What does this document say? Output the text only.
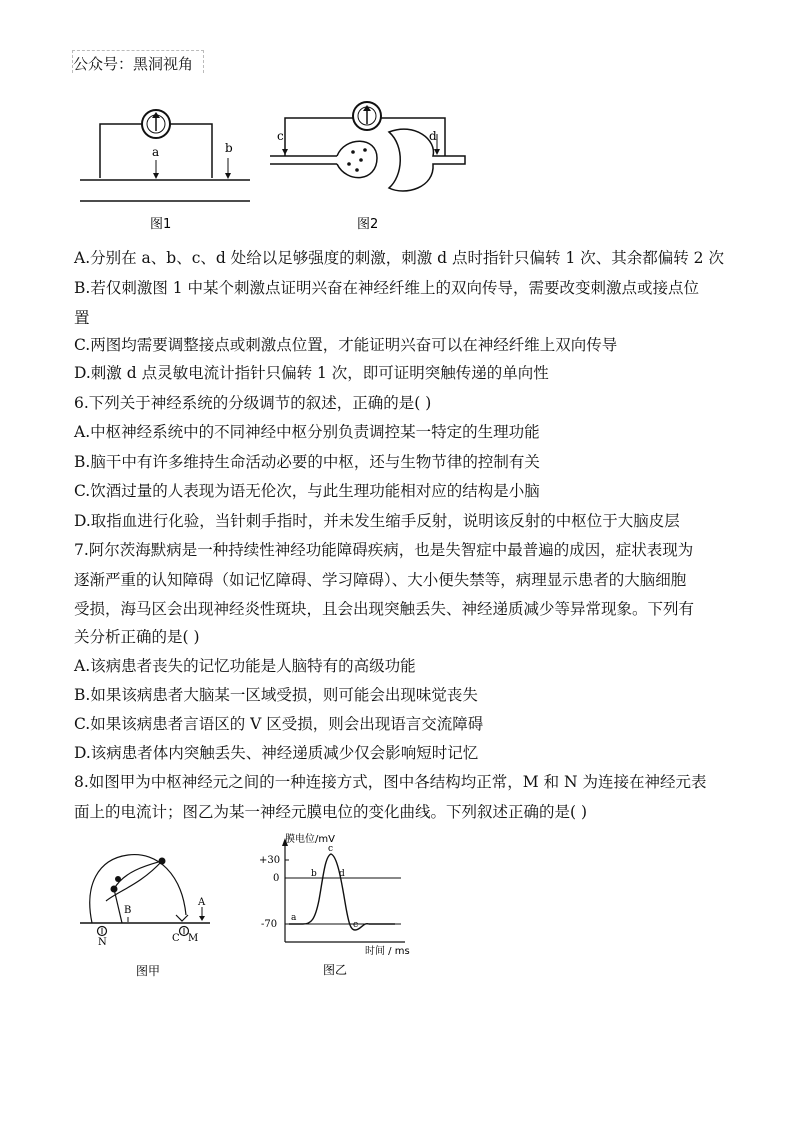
公众号：黑洞视角
a	b
图1
c	d
图2
A.分别在 a、b、c、d 处给以足够强度的刺激，刺激 d 点时指针只偏转 1 次、其余都偏转 2 次
B.若仅刺激图 1 中某个刺激点证明兴奋在神经纤维上的双向传导，需要改变刺激点或接点位
置
C.两图均需要调整接点或刺激点位置，才能证明兴奋可以在神经纤维上双向传导
D.刺激 d 点灵敏电流计指针只偏转 1 次，即可证明突触传递的单向性
6.下列关于神经系统的分级调节的叙述，正确的是( )
A.中枢神经系统中的不同神经中枢分别负责调控某一特定的生理功能
B.脑干中有许多维持生命活动必要的中枢，还与生物节律的控制有关
C.饮酒过量的人表现为语无伦次，与此生理功能相对应的结构是小脑
D.取指血进行化验，当针刺手指时，并未发生缩手反射，说明该反射的中枢位于大脑皮层
7.阿尔茨海默病是一种持续性神经功能障碍疾病，也是失智症中最普遍的成因，症状表现为
逐渐严重的认知障碍（如记忆障碍、学习障碍）、大小便失禁等，病理显示患者的大脑细胞
受损，海马区会出现神经炎性斑块，且会出现突触丢失、神经递质减少等异常现象。下列有
关分析正确的是( )
A.该病患者丧失的记忆功能是人脑特有的高级功能
B.如果该病患者大脑某一区域受损，则可能会出现味觉丧失
C.如果该病患者言语区的 V 区受损，则会出现语言交流障碍
D.该病患者体内突触丢失、神经递质减少仅会影响短时记忆
8.如图甲为中枢神经元之间的一种连接方式，图中各结构均正常，M 和 N 为连接在神经元表
面上的电流计；图乙为某一神经元膜电位的变化曲线。下列叙述正确的是( )
A
B
C M
N
图甲
膜电位/mV
+30
0
-70
时间 / ms
a
b
c
d
e
图乙
